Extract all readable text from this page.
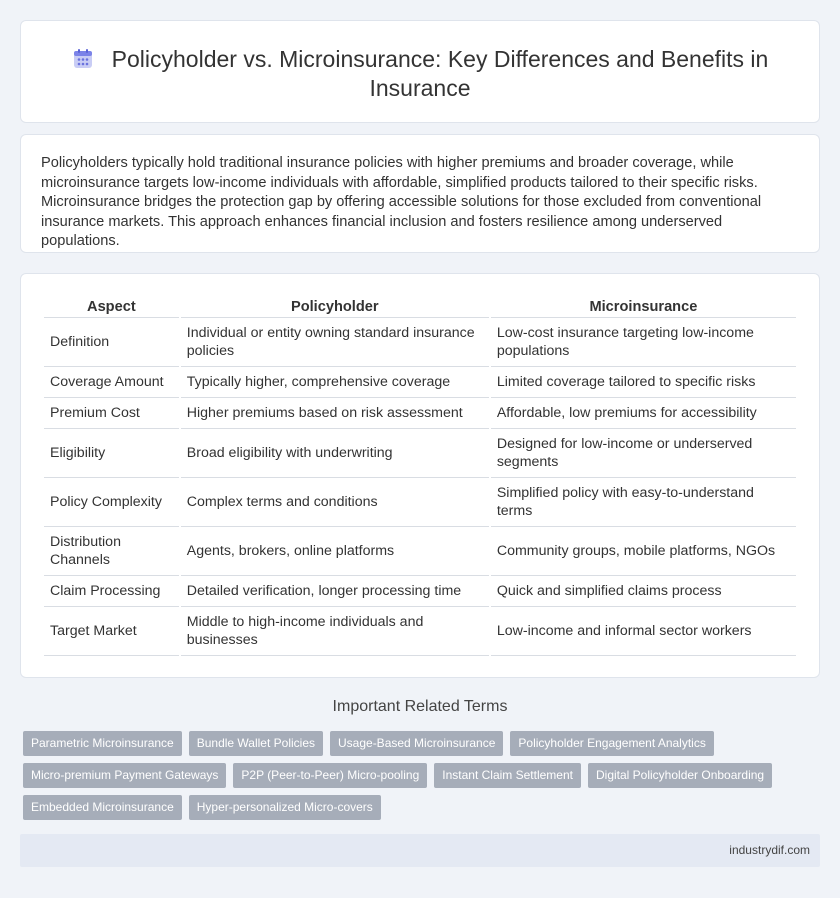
Policyholder vs. Microinsurance: Key Differences and Benefits in Insurance

Policyholders typically hold traditional insurance policies with higher premiums and broader coverage, while microinsurance targets low-income individuals with affordable, simplified products tailored to their specific risks. Microinsurance bridges the protection gap by offering accessible solutions for those excluded from conventional insurance markets. This approach enhances financial inclusion and fosters resilience among underserved populations.

Aspect	Policyholder	Microinsurance
Definition	Individual or entity owning standard insurance policies	Low-cost insurance targeting low-income populations
Coverage Amount	Typically higher, comprehensive coverage	Limited coverage tailored to specific risks
Premium Cost	Higher premiums based on risk assessment	Affordable, low premiums for accessibility
Eligibility	Broad eligibility with underwriting	Designed for low-income or underserved segments
Policy Complexity	Complex terms and conditions	Simplified policy with easy-to-understand terms
Distribution Channels	Agents, brokers, online platforms	Community groups, mobile platforms, NGOs
Claim Processing	Detailed verification, longer processing time	Quick and simplified claims process
Target Market	Middle to high-income individuals and businesses	Low-income and informal sector workers
Important Related Terms
Parametric Microinsurance	Bundle Wallet Policies	Usage-Based Microinsurance	Policyholder Engagement Analytics
Micro-premium Payment Gateways	P2P (Peer-to-Peer) Micro-pooling	Instant Claim Settlement	Digital Policyholder Onboarding
Embedded Microinsurance	Hyper-personalized Micro-covers
industrydif.com
